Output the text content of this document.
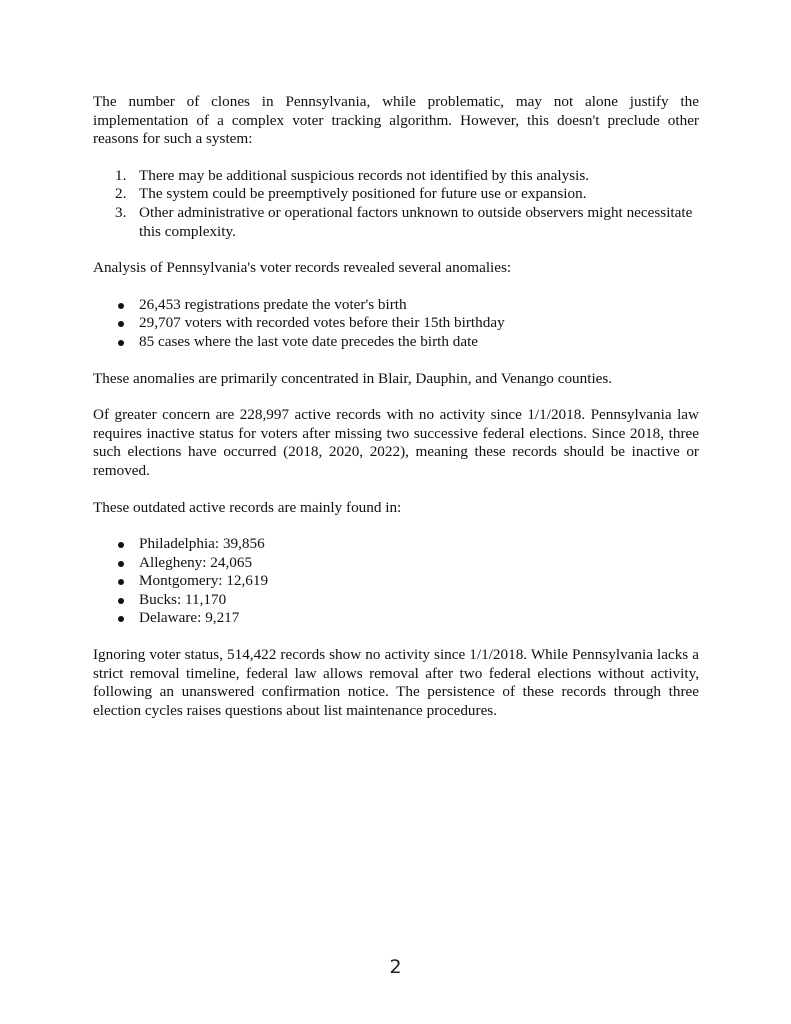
The number of clones in Pennsylvania, while problematic, may not alone justify the implementation of a complex voter tracking algorithm. However, this doesn't preclude other reasons for such a system:

1. There may be additional suspicious records not identified by this analysis.
2. The system could be preemptively positioned for future use or expansion.
3. Other administrative or operational factors unknown to outside observers might necessitate this complexity.

Analysis of Pennsylvania's voter records revealed several anomalies:

26,453 registrations predate the voter's birth
29,707 voters with recorded votes before their 15th birthday
85 cases where the last vote date precedes the birth date

These anomalies are primarily concentrated in Blair, Dauphin, and Venango counties.

Of greater concern are 228,997 active records with no activity since 1/1/2018. Pennsylvania law requires inactive status for voters after missing two successive federal elections. Since 2018, three such elections have occurred (2018, 2020, 2022), meaning these records should be inactive or removed.

These outdated active records are mainly found in:

Philadelphia: 39,856
Allegheny: 24,065
Montgomery: 12,619
Bucks: 11,170
Delaware: 9,217

Ignoring voter status, 514,422 records show no activity since 1/1/2018. While Pennsylvania lacks a strict removal timeline, federal law allows removal after two federal elections without activity, following an unanswered confirmation notice. The persistence of these records through three election cycles raises questions about list maintenance procedures.

2
